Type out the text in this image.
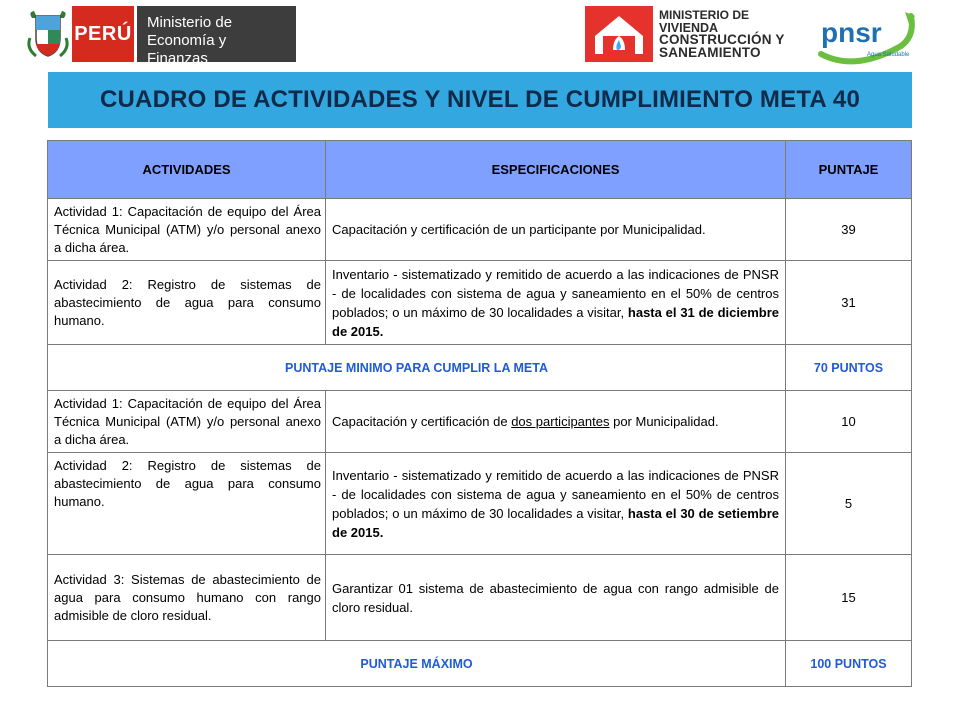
PERÚ Ministerio de
Economía y Finanzas
MINISTERIO DE
VIVIENDA
CONSTRUCCIÓN Y
SANEAMIENTO
pnsr
Agua Saludable
CUADRO DE ACTIVIDADES Y NIVEL DE CUMPLIMIENTO META 40
ACTIVIDADES	ESPECIFICACIONES	PUNTAJE
Actividad 1: Capacitación de equipo del Área Técnica Municipal (ATM) y/o personal anexo a dicha área.	Capacitación y certificación de un participante por Municipalidad.	39
Actividad 2: Registro de sistemas de abastecimiento de agua para consumo humano.	Inventario - sistematizado y remitido de acuerdo a las indicaciones de PNSR - de localidades con sistema de agua y saneamiento en el 50% de centros poblados; o un máximo de 30 localidades a visitar, hasta el 31 de diciembre de 2015.	31
PUNTAJE MINIMO PARA CUMPLIR LA META		70 PUNTOS
Actividad 1: Capacitación de equipo del Área Técnica Municipal (ATM) y/o personal anexo a dicha área.	Capacitación y certificación de dos participantes por Municipalidad.	10
Actividad 2: Registro de sistemas de abastecimiento de agua para consumo humano.	Inventario - sistematizado y remitido de acuerdo a las indicaciones de PNSR - de localidades con sistema de agua y saneamiento en el 50% de centros poblados; o un máximo de 30 localidades a visitar, hasta el 30 de setiembre de 2015.	5
Actividad 3: Sistemas de abastecimiento de agua para consumo humano con rango admisible de cloro residual.	Garantizar 01 sistema de abastecimiento de agua con rango admisible de cloro residual.	15
PUNTAJE MÁXIMO		100 PUNTOS
